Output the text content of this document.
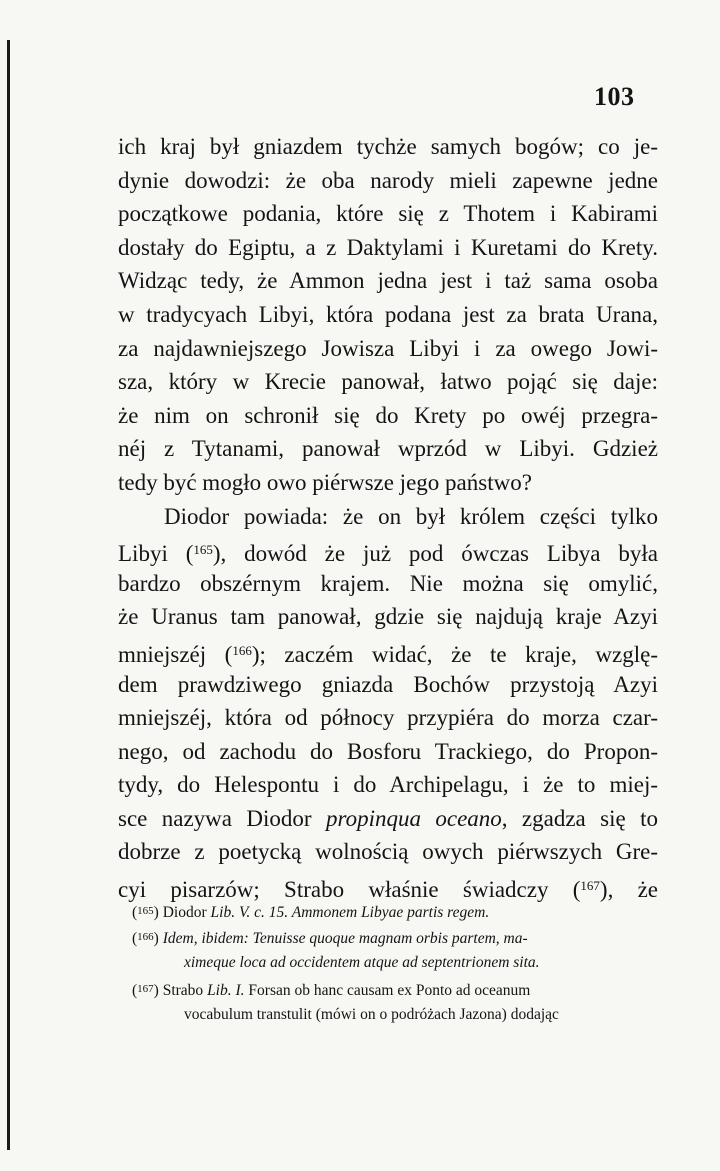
103
ich kraj był gniazdem tychże samych bogów; co je-
dynie dowodzi: że oba narody mieli zapewne jedne
początkowe podania, które się z Thotem i Kabirami
dostały do Egiptu, a z Daktylami i Kuretami do Krety.
Widząc tedy, że Ammon jedna jest i taż sama osoba
w tradycyach Libyi, która podana jest za brata Urana,
za najdawniejszego Jowisza Libyi i za owego Jowi-
sza, który w Krecie panował, łatwo pojąć się daje:
że nim on schronił się do Krety po owéj przegra-
néj z Tytanami, panował wprzód w Libyi. Gdzież
tedy być mogło owo piérwsze jego państwo?
Diodor powiada: że on był królem części tylko
Libyi ($^{165}$), dowód że już pod ówczas Libya była
bardzo obszérnym krajem. Nie można się omylić,
że Uranus tam panował, gdzie się najdują kraje Azyi
mniejszéj ($^{166}$); zaczém widać, że te kraje, wzglę-
dem prawdziwego gniazda Bochów przystoją Azyi
mniejszéj, która od północy przypiéra do morza czar-
nego, od zachodu do Bosforu Trackiego, do Propon-
tydy, do Helespontu i do Archipelagu, i że to miej-
sce nazywa Diodor propinqua oceano, zgadza się to
dobrze z poetycką wolnością owych piérwszych Gre-
cyi pisarzów; Strabo właśnie świadczy ($^{167}$), że
(165) Diodor Lib. V. c. 15. Ammonem Libyae partis regem.
(166) Idem, ibidem: Tenuisse quoque magnam orbis partem, ma-
ximeque loca ad occidentem atque ad septentrionem sita.
(167) Strabo Lib. I. Forsan ob hanc causam ex Ponto ad oceanum
vocabulum transtulit (mówi on o podróżach Jazona) dodając
